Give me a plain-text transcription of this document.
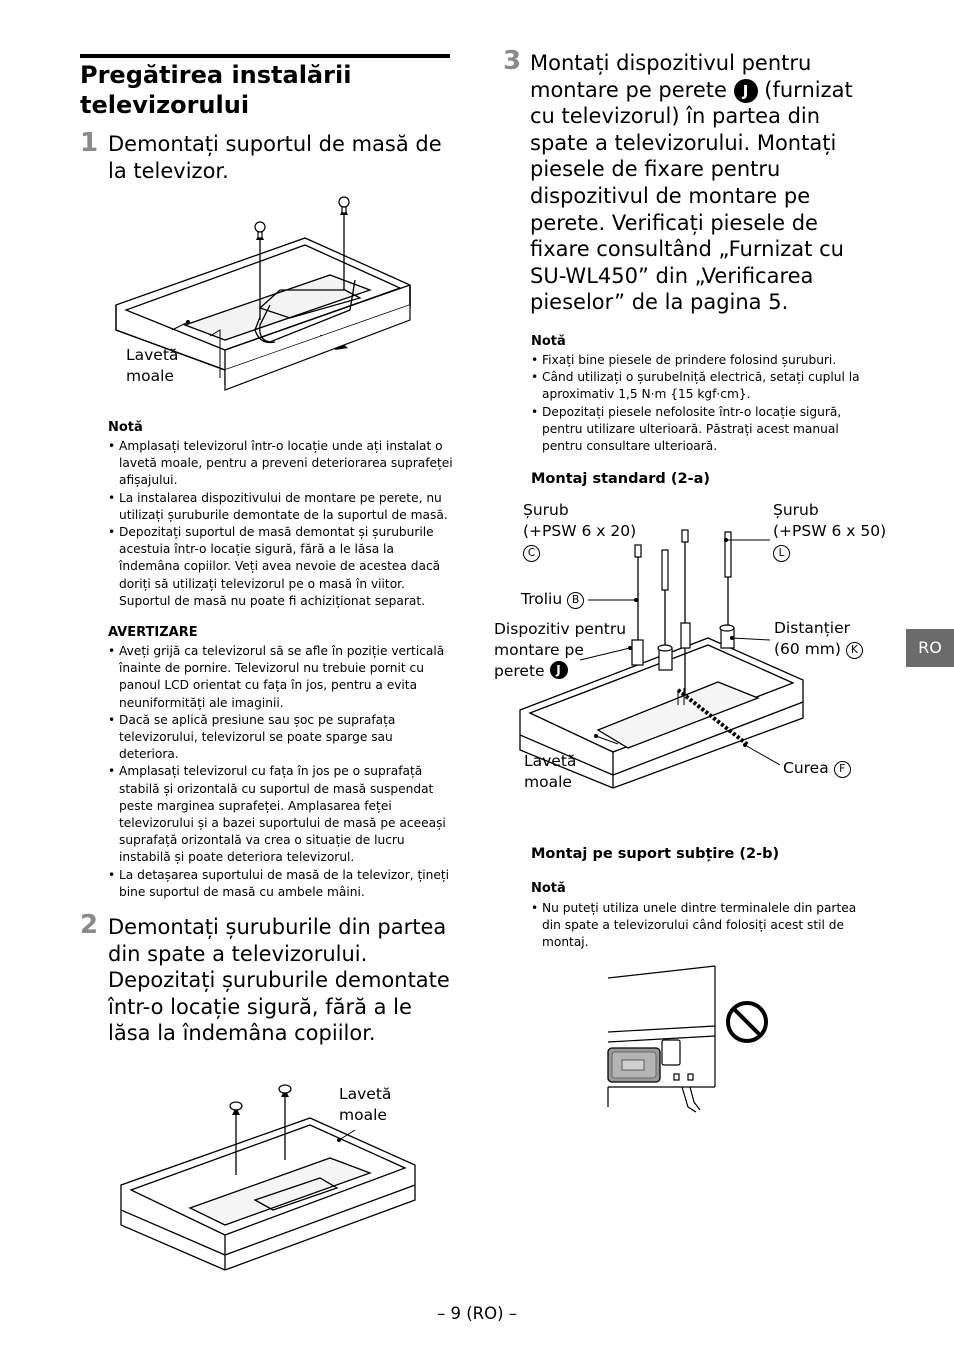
Pregătirea instalării televizorului
1 Demontați suportul de masă de la televizor.
Lavetă moale
Notă
• Amplasați televizorul într-o locație unde ați instalat o lavetă moale, pentru a preveni deteriorarea suprafeței afișajului.
• La instalarea dispozitivului de montare pe perete, nu utilizați șuruburile demontate de la suportul de masă.
• Depozitați suportul de masă demontat și șuruburile acestuia într-o locație sigură, fără a le lăsa la îndemâna copiilor. Veți avea nevoie de acestea dacă doriți să utilizați televizorul pe o masă în viitor. Suportul de masă nu poate fi achiziționat separat.
AVERTIZARE
• Aveți grijă ca televizorul să se afle în poziție verticală înainte de pornire. Televizorul nu trebuie pornit cu panoul LCD orientat cu fața în jos, pentru a evita neuniformități ale imaginii.
• Dacă se aplică presiune sau șoc pe suprafața televizorului, televizorul se poate sparge sau deteriora.
• Amplasați televizorul cu fața în jos pe o suprafață stabilă și orizontală cu suportul de masă suspendat peste marginea suprafeței. Amplasarea feței televizorului și a bazei suportului de masă pe aceeași suprafață orizontală va crea o situație de lucru instabilă și poate deteriora televizorul.
• La detașarea suportului de masă de la televizor, țineți bine suportul de masă cu ambele mâini.
2 Demontați șuruburile din partea din spate a televizorului. Depozitați șuruburile demontate într-o locație sigură, fără a le lăsa la îndemâna copiilor.
Lavetă moale
3 Montați dispozitivul pentru montare pe perete J (furnizat cu televizorul) în partea din spate a televizorului. Montați piesele de fixare pentru dispozitivul de montare pe perete. Verificați piesele de fixare consultând „Furnizat cu SU-WL450” din „Verificarea pieselor” de la pagina 5.
Notă
• Fixați bine piesele de prindere folosind șuruburi.
• Când utilizați o șurubelniță electrică, setați cuplul la aproximativ 1,5 N·m {15 kgf·cm}.
• Depozitați piesele nefolosite într-o locație sigură, pentru utilizare ulterioară. Păstrați acest manual pentru consultare ulterioară.
Montaj standard (2-a)
Șurub
(+PSW 6 x 20)
C
Șurub
(+PSW 6 x 50)
L
Troliu B
Dispozitiv pentru
montare pe
perete J
Distanțier
(60 mm) K
Lavetă
moale
Curea F
RO
Montaj pe suport subțire (2-b)
Notă
• Nu puteți utiliza unele dintre terminalele din partea din spate a televizorului când folosiți acest stil de montaj.
– 9 (RO) –
